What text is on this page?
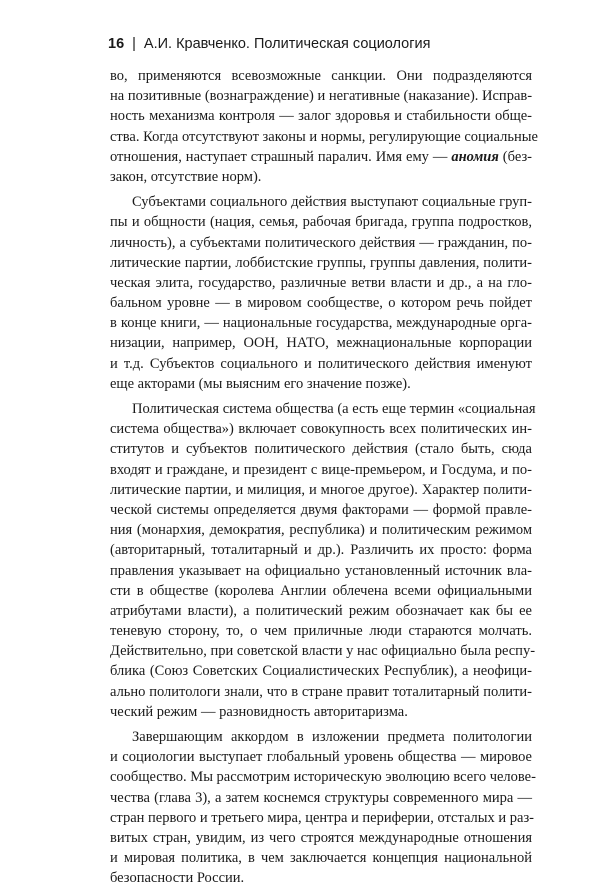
16 | А.И. Кравченко. Политическая социология
во, применяются всевозможные санкции. Они подразделяются
на позитивные (вознаграждение) и негативные (наказание). Исправ-
ность механизма контроля — залог здоровья и стабильности обще-
ства. Когда отсутствуют законы и нормы, регулирующие социальные
отношения, наступает страшный паралич. Имя ему — аномия (без-
закон, отсутствие норм).
Субъектами социального действия выступают социальные груп-
пы и общности (нация, семья, рабочая бригада, группа подростков,
личность), а субъектами политического действия — гражданин, по-
литические партии, лоббистские группы, группы давления, полити-
ческая элита, государство, различные ветви власти и др., а на гло-
бальном уровне — в мировом сообществе, о котором речь пойдет
в конце книги, — национальные государства, международные орга-
низации, например, ООН, НАТО, межнациональные корпорации
и т.д. Субъектов социального и политического действия именуют
еще акторами (мы выясним его значение позже).
Политическая система общества (а есть еще термин «социальная
система общества») включает совокупность всех политических ин-
ститутов и субъектов политического действия (стало быть, сюда
входят и граждане, и президент с вице-премьером, и Госдума, и по-
литические партии, и милиция, и многое другое). Характер полити-
ческой системы определяется двумя факторами — формой правле-
ния (монархия, демократия, республика) и политическим режимом
(авторитарный, тоталитарный и др.). Различить их просто: форма
правления указывает на официально установленный источник вла-
сти в обществе (королева Англии облечена всеми официальными
атрибутами власти), а политический режим обозначает как бы ее
теневую сторону, то, о чем приличные люди стараются молчать.
Действительно, при советской власти у нас официально была респу-
блика (Союз Советских Социалистических Республик), а неофици-
ально политологи знали, что в стране правит тоталитарный полити-
ческий режим — разновидность авторитаризма.
Завершающим аккордом в изложении предмета политологии
и социологии выступает глобальный уровень общества — мировое
сообщество. Мы рассмотрим историческую эволюцию всего челове-
чества (глава 3), а затем коснемся структуры современного мира —
стран первого и третьего мира, центра и периферии, отсталых и раз-
витых стран, увидим, из чего строятся международные отношения
и мировая политика, в чем заключается концепция национальной
безопасности России.
